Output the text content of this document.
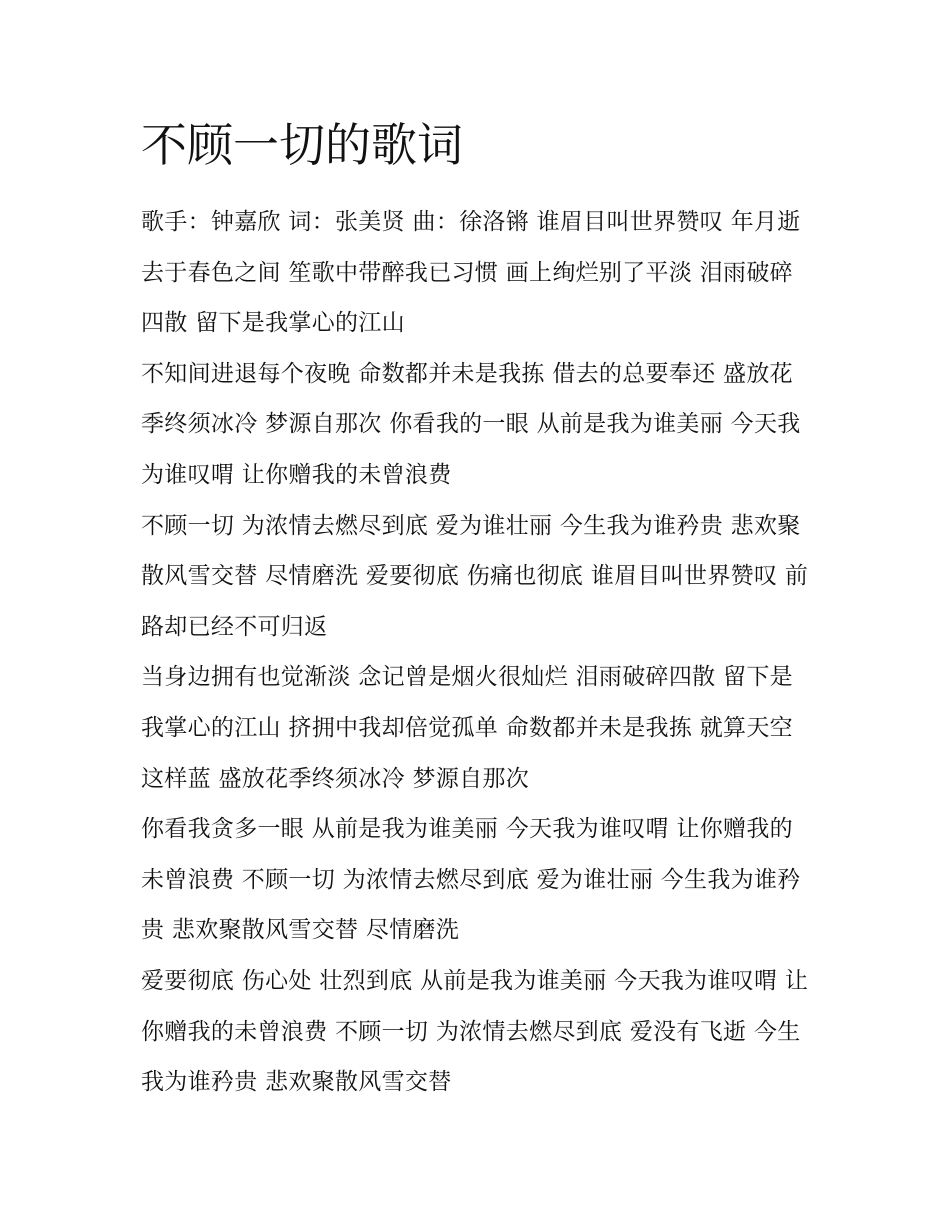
不顾一切的歌词

歌手：钟嘉欣 词：张美贤 曲：徐洛锵 谁眉目叫世界赞叹 年月逝去于春色之间 笙歌中带醉我已习惯 画上绚烂别了平淡 泪雨破碎四散 留下是我掌心的江山

不知间进退每个夜晚 命数都并未是我拣 借去的总要奉还 盛放花季终须冰冷 梦源自那次 你看我的一眼 从前是我为谁美丽 今天我为谁叹喟 让你赠我的未曾浪费

不顾一切 为浓情去燃尽到底 爱为谁壮丽 今生我为谁矜贵 悲欢聚散风雪交替 尽情磨洗 爱要彻底 伤痛也彻底 谁眉目叫世界赞叹 前路却已经不可归返

当身边拥有也觉渐淡 念记曾是烟火很灿烂 泪雨破碎四散 留下是我掌心的江山 挤拥中我却倍觉孤单 命数都并未是我拣 就算天空这样蓝 盛放花季终须冰冷 梦源自那次

你看我贪多一眼 从前是我为谁美丽 今天我为谁叹喟 让你赠我的未曾浪费 不顾一切 为浓情去燃尽到底 爱为谁壮丽 今生我为谁矜贵 悲欢聚散风雪交替 尽情磨洗

爱要彻底 伤心处 壮烈到底 从前是我为谁美丽 今天我为谁叹喟 让你赠我的未曾浪费 不顾一切 为浓情去燃尽到底 爱没有飞逝 今生我为谁矜贵 悲欢聚散风雪交替
